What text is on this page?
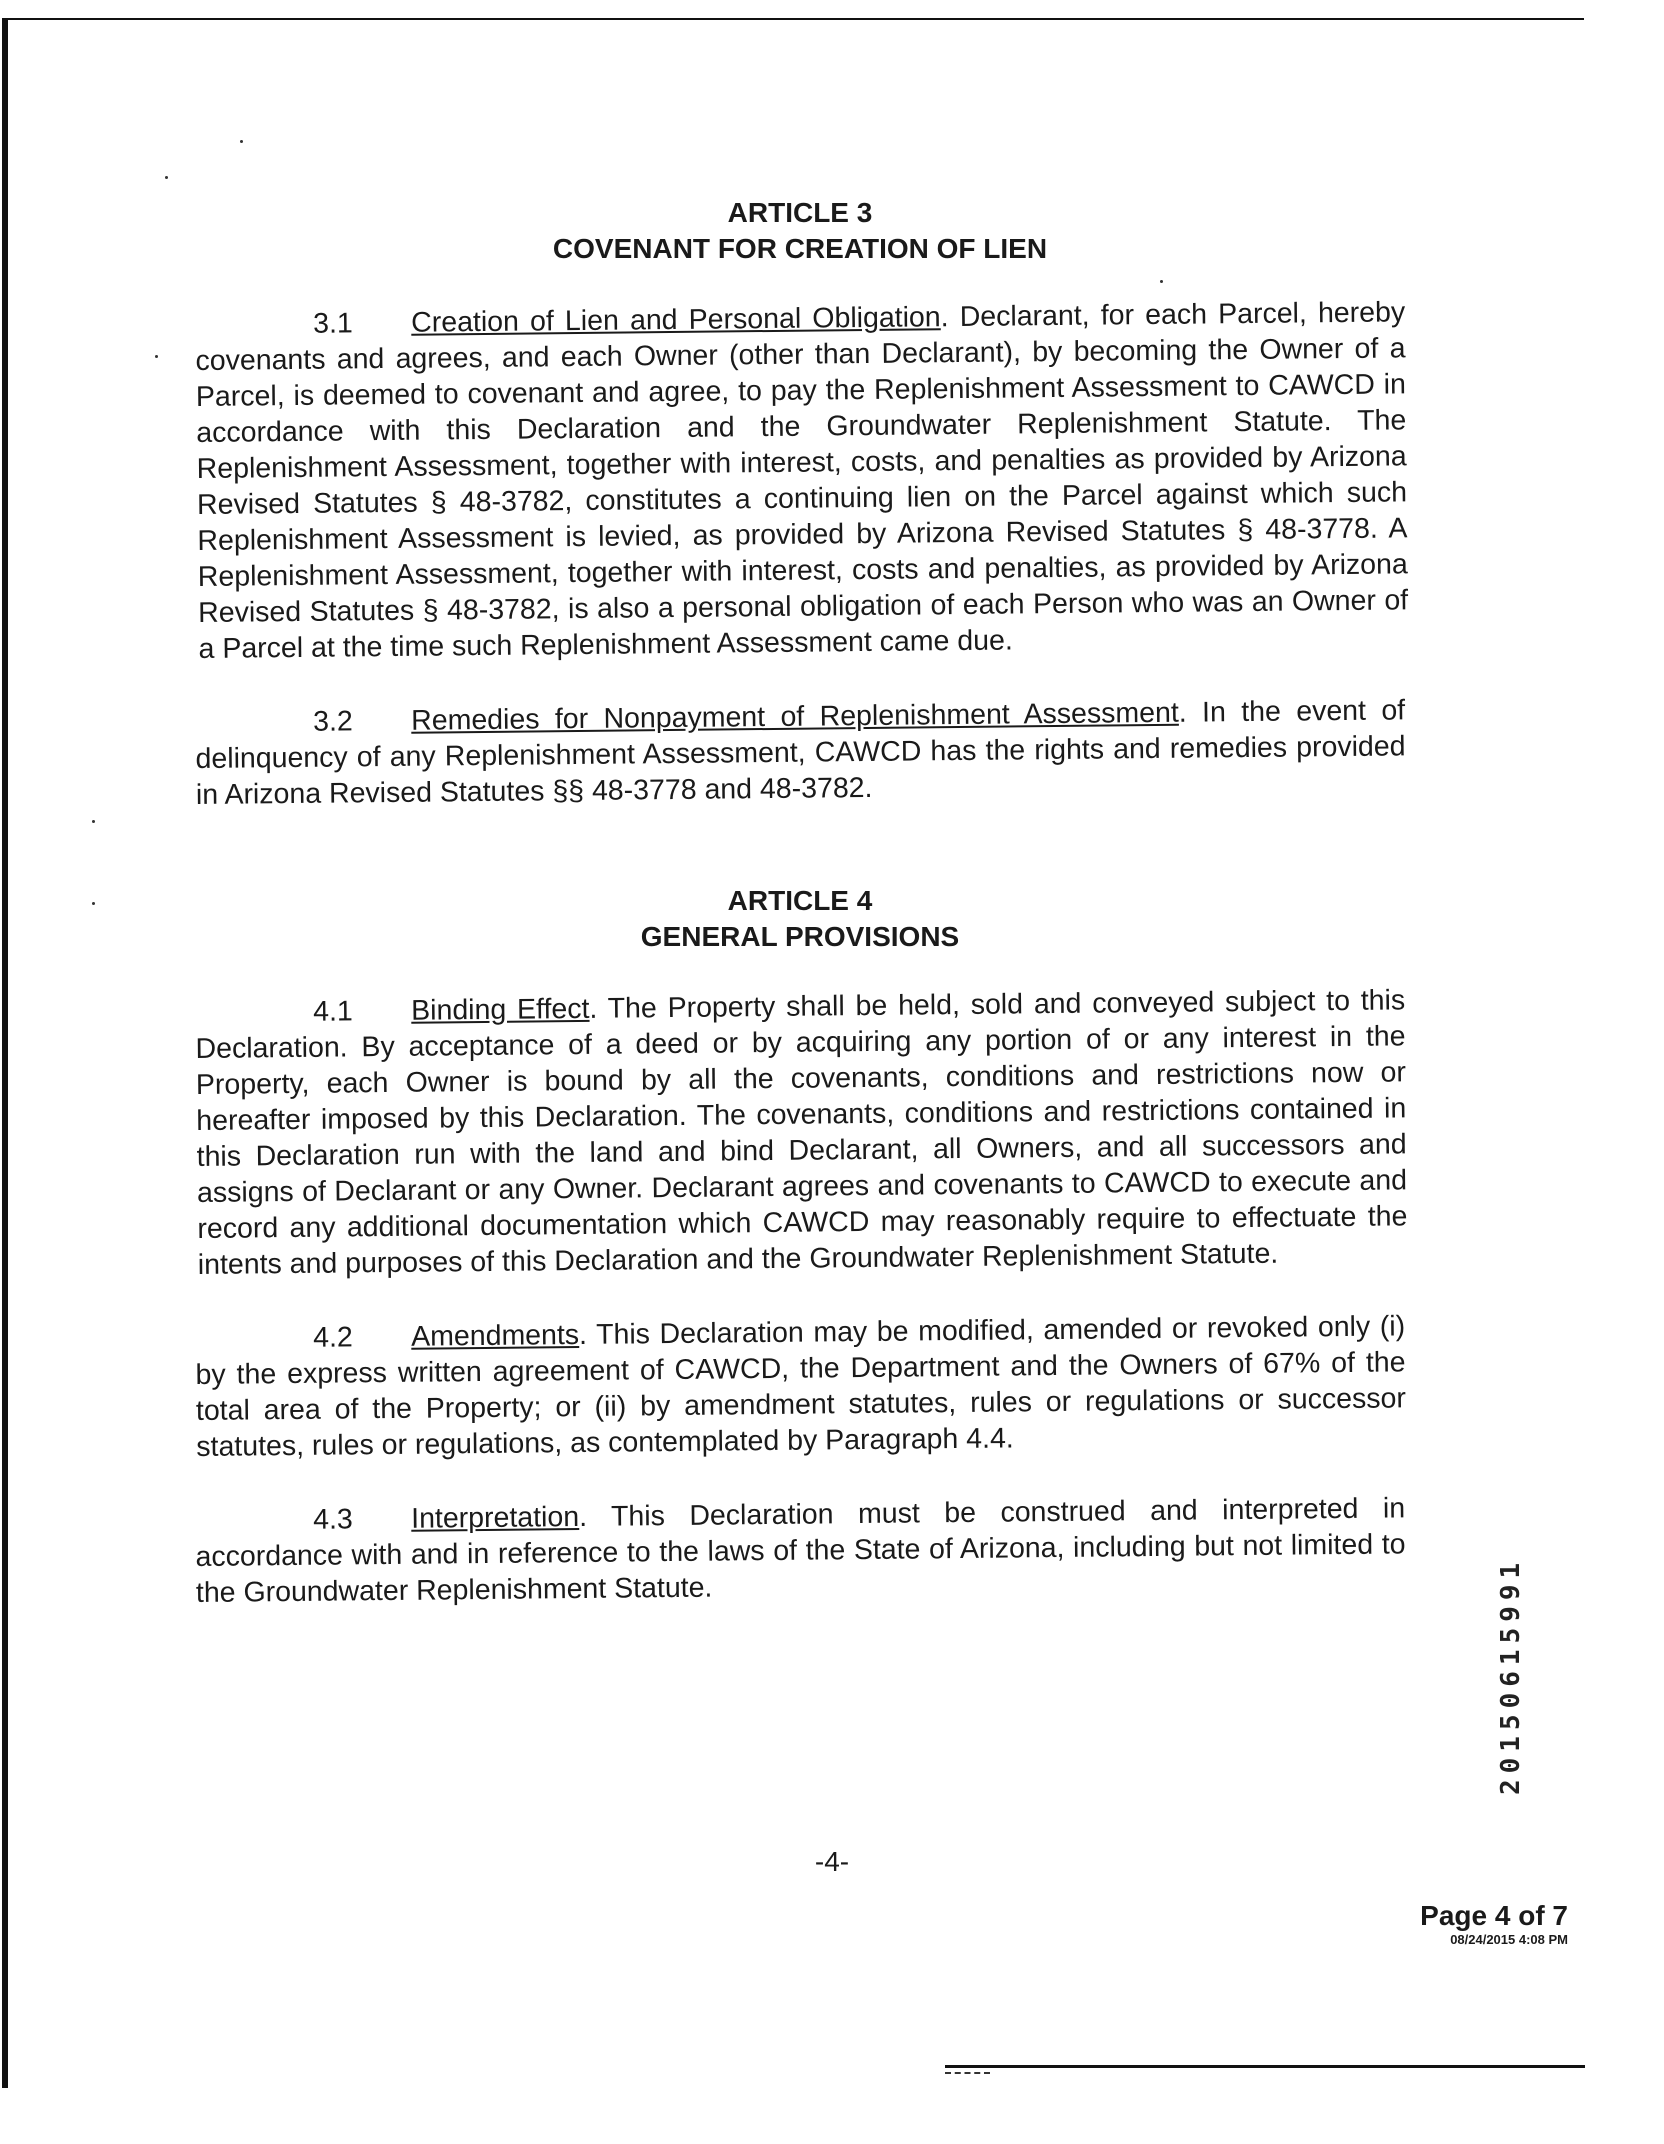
ARTICLE 3
COVENANT FOR CREATION OF LIEN

3.1 Creation of Lien and Personal Obligation. Declarant, for each Parcel, hereby covenants and agrees, and each Owner (other than Declarant), by becoming the Owner of a Parcel, is deemed to covenant and agree, to pay the Replenishment Assessment to CAWCD in accordance with this Declaration and the Groundwater Replenishment Statute. The Replenishment Assessment, together with interest, costs, and penalties as provided by Arizona Revised Statutes § 48-3782, constitutes a continuing lien on the Parcel against which such Replenishment Assessment is levied, as provided by Arizona Revised Statutes § 48-3778. A Replenishment Assessment, together with interest, costs and penalties, as provided by Arizona Revised Statutes § 48-3782, is also a personal obligation of each Person who was an Owner of a Parcel at the time such Replenishment Assessment came due.

3.2 Remedies for Nonpayment of Replenishment Assessment. In the event of delinquency of any Replenishment Assessment, CAWCD has the rights and remedies provided in Arizona Revised Statutes §§ 48-3778 and 48-3782.

ARTICLE 4
GENERAL PROVISIONS

4.1 Binding Effect. The Property shall be held, sold and conveyed subject to this Declaration. By acceptance of a deed or by acquiring any portion of or any interest in the Property, each Owner is bound by all the covenants, conditions and restrictions now or hereafter imposed by this Declaration. The covenants, conditions and restrictions contained in this Declaration run with the land and bind Declarant, all Owners, and all successors and assigns of Declarant or any Owner. Declarant agrees and covenants to CAWCD to execute and record any additional documentation which CAWCD may reasonably require to effectuate the intents and purposes of this Declaration and the Groundwater Replenishment Statute.

4.2 Amendments. This Declaration may be modified, amended or revoked only (i) by the express written agreement of CAWCD, the Department and the Owners of 67% of the total area of the Property; or (ii) by amendment statutes, rules or regulations or successor statutes, rules or regulations, as contemplated by Paragraph 4.4.

4.3 Interpretation. This Declaration must be construed and interpreted in accordance with and in reference to the laws of the State of Arizona, including but not limited to the Groundwater Replenishment Statute.	20150615991
-4-
Page 4 of 7
08/24/2015 4:08 PM
